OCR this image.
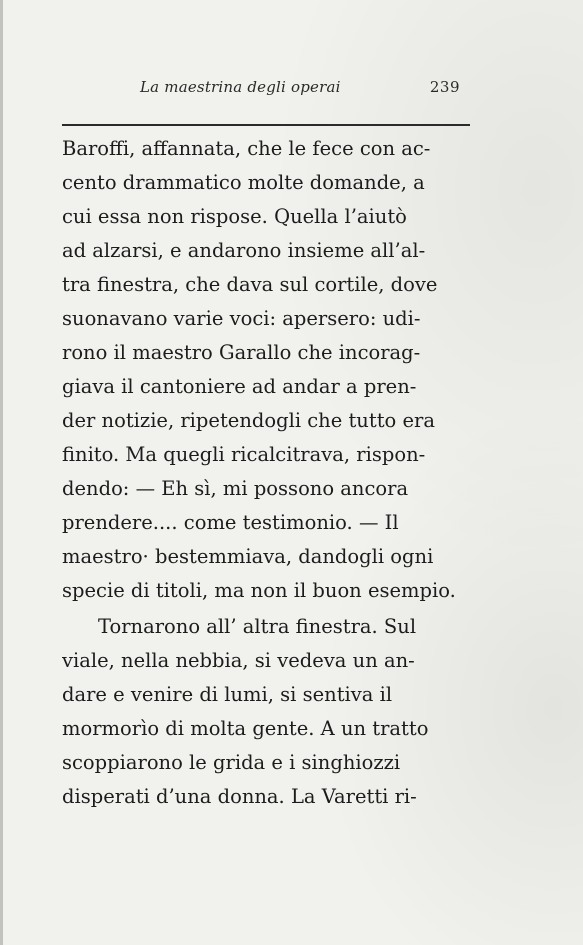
La maestrina degli operai	239
Baroffi, affannata, che le fece con ac-
cento drammatico molte domande, a
cui essa non rispose. Quella l’aiutò
ad alzarsi, e andarono insieme all’al-
tra finestra, che dava sul cortile, dove
suonavano varie voci: apersero: udi-
rono il maestro Garallo che incorag-
giava il cantoniere ad andar a pren-
der notizie, ripetendogli che tutto era
finito. Ma quegli ricalcitrava, rispon-
dendo: — Eh sì, mi possono ancora
prendere.... come testimonio. — Il
maestro· bestemmiava, dandogli ogni
specie di titoli, ma non il buon esempio.
Tornarono all’ altra finestra. Sul
viale, nella nebbia, si vedeva un an-
dare e venire di lumi, si sentiva il
mormorìo di molta gente. A un tratto
scoppiarono le grida e i singhiozzi
disperati d’una donna. La Varetti ri-
